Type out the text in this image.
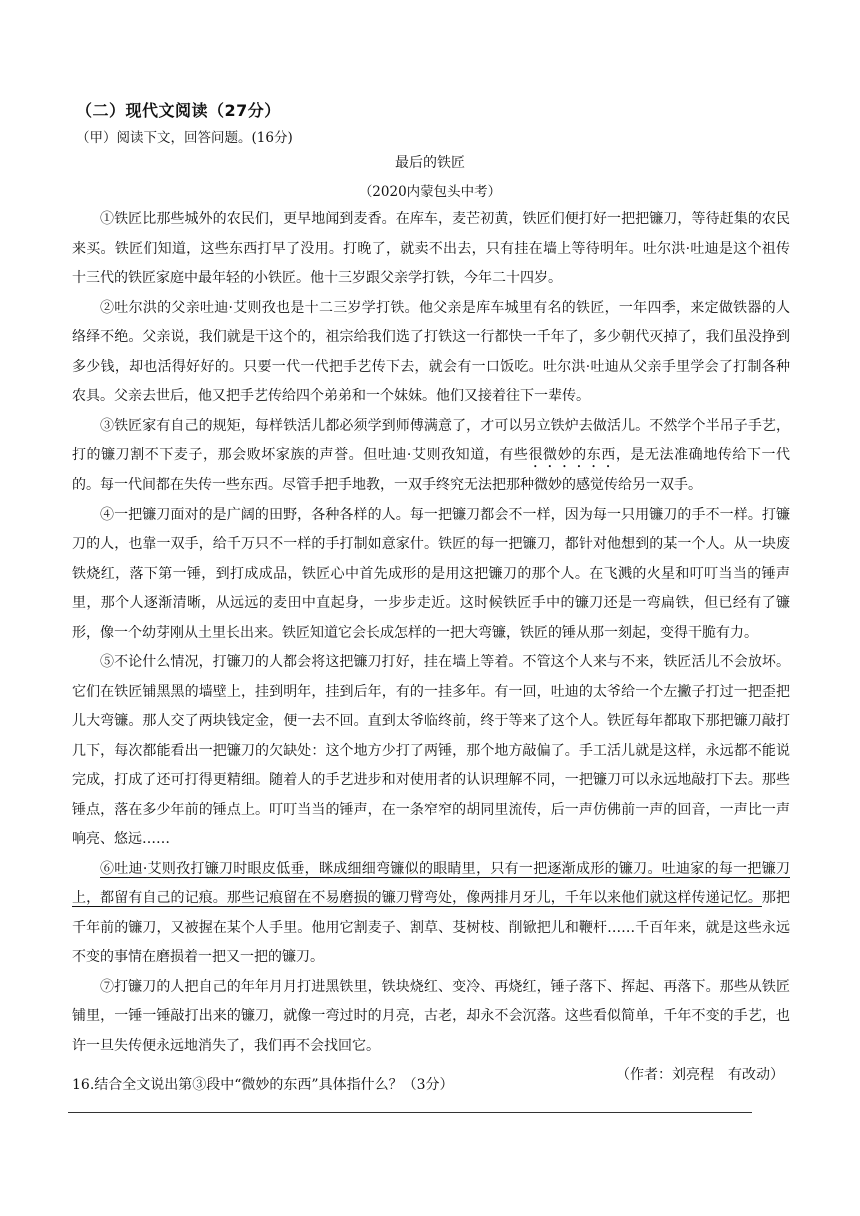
（二）现代文阅读（27分）
（甲）阅读下文，回答问题。(16分)
最后的铁匠
（2020内蒙包头中考）

①铁匠比那些城外的农民们，更早地闻到麦香。在库车，麦芒初黄，铁匠们便打好一把把镰刀，等待赶集的农民来买。铁匠们知道，这些东西打早了没用。打晚了，就卖不出去，只有挂在墙上等待明年。吐尔洪·吐迪是这个祖传十三代的铁匠家庭中最年轻的小铁匠。他十三岁跟父亲学打铁，今年二十四岁。

②吐尔洪的父亲吐迪·艾则孜也是十二三岁学打铁。他父亲是库车城里有名的铁匠，一年四季，来定做铁器的人络绎不绝。父亲说，我们就是干这个的，祖宗给我们选了打铁这一行都快一千年了，多少朝代灭掉了，我们虽没挣到多少钱，却也活得好好的。只要一代一代把手艺传下去，就会有一口饭吃。吐尔洪·吐迪从父亲手里学会了打制各种农具。父亲去世后，他又把手艺传给四个弟弟和一个妹妹。他们又接着往下一辈传。

③铁匠家有自己的规矩，每样铁活儿都必须学到师傅满意了，才可以另立铁炉去做活儿。不然学个半吊子手艺，打的镰刀割不下麦子，那会败坏家族的声誉。但吐迪·艾则孜知道，有些很微妙的东西，是无法准确地传给下一代的。每一代间都在失传一些东西。尽管手把手地教，一双手终究无法把那种微妙的感觉传给另一双手。

④一把镰刀面对的是广阔的田野，各种各样的人。每一把镰刀都会不一样，因为每一只用镰刀的手不一样。打镰刀的人，也靠一双手，给千万只不一样的手打制如意家什。铁匠的每一把镰刀，都针对他想到的某一个人。从一块废铁烧红，落下第一锤，到打成成品，铁匠心中首先成形的是用这把镰刀的那个人。在飞溅的火星和叮叮当当的锤声里，那个人逐渐清晰，从远远的麦田中直起身，一步步走近。这时候铁匠手中的镰刀还是一弯扁铁，但已经有了镰形，像一个幼芽刚从土里长出来。铁匠知道它会长成怎样的一把大弯镰，铁匠的锤从那一刻起，变得干脆有力。

⑤不论什么情况，打镰刀的人都会将这把镰刀打好，挂在墙上等着。不管这个人来与不来，铁匠活儿不会放坏。它们在铁匠铺黑黑的墙壁上，挂到明年，挂到后年，有的一挂多年。有一回，吐迪的太爷给一个左撇子打过一把歪把儿大弯镰。那人交了两块钱定金，便一去不回。直到太爷临终前，终于等来了这个人。铁匠每年都取下那把镰刀敲打几下，每次都能看出一把镰刀的欠缺处：这个地方少打了两锤，那个地方敲偏了。手工活儿就是这样，永远都不能说完成，打成了还可打得更精细。随着人的手艺进步和对使用者的认识理解不同，一把镰刀可以永远地敲打下去。那些锤点，落在多少年前的锤点上。叮叮当当的锤声，在一条窄窄的胡同里流传，后一声仿佛前一声的回音，一声比一声响亮、悠远……

⑥吐迪·艾则孜打镰刀时眼皮低垂，眯成细细弯镰似的眼睛里，只有一把逐渐成形的镰刀。吐迪家的每一把镰刀上，都留有自己的记痕。那些记痕留在不易磨损的镰刀臂弯处，像两排月牙儿，千年以来他们就这样传递记忆。那把千年前的镰刀，又被握在某个人手里。他用它割麦子、割草、芟树枝、削锨把儿和鞭杆……千百年来，就是这些永远不变的事情在磨损着一把又一把的镰刀。

⑦打镰刀的人把自己的年年月月打进黑铁里，铁块烧红、变冷、再烧红，锤子落下、挥起、再落下。那些从铁匠铺里，一锤一锤敲打出来的镰刀，就像一弯过时的月亮，古老，却永不会沉落。这些看似简单，千年不变的手艺，也许一旦失传便永远地消失了，我们再不会找回它。

（作者：刘亮程　有改动）
16.结合全文说出第③段中“微妙的东西”具体指什么？（3分）
